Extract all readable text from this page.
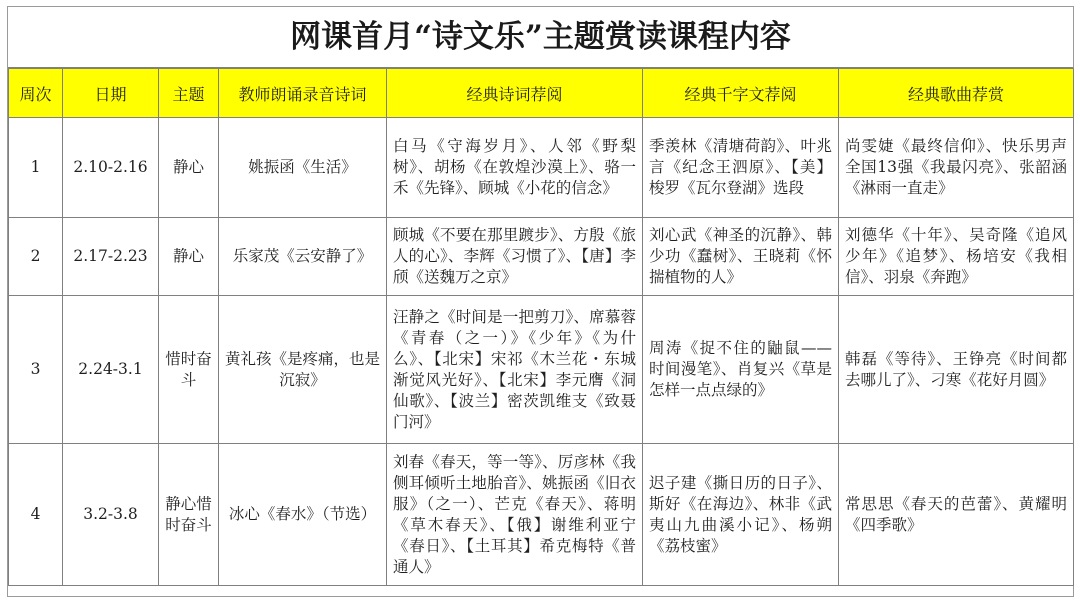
网课首月“诗文乐”主题赏读课程内容
周次	日期	主题	教师朗诵录音诗词	经典诗词荐阅	经典千字文荐阅	经典歌曲荐赏
1	2.10-2.16	静心	姚振函《生活》	白马《守海岁月》、人邻《野梨树》、胡杨《在敦煌沙漠上》、骆一禾《先锋》、顾城《小花的信念》	季羡林《清塘荷韵》、叶兆言《纪念王泗原》、【美】梭罗《瓦尔登湖》选段	尚雯婕《最终信仰》、快乐男声全国13强《我最闪亮》、张韶涵《淋雨一直走》
2	2.17-2.23	静心	乐家茂《云安静了》	顾城《不要在那里踱步》、方殷《旅人的心》、李辉《习惯了》、【唐】李颀《送魏万之京》	刘心武《神圣的沉静》、韩少功《蠢树》、王晓莉《怀揣植物的人》	刘德华《十年》、吴奇隆《追风少年》《追梦》、杨培安《我相信》、羽泉《奔跑》
3	2.24-3.1	惜时奋斗	黄礼孩《是疼痛，也是沉寂》	汪静之《时间是一把剪刀》、席慕蓉《青春（之一）》《少年》《为什么》、【北宋】宋祁《木兰花・东城渐觉风光好》、【北宋】李元膺《洞仙歌》、【波兰】密茨凯维支《致聂门河》	周涛《捉不住的鼬鼠——时间漫笔》、肖复兴《草是怎样一点点绿的》	韩磊《等待》、王铮亮《时间都去哪儿了》、刁寒《花好月圆》
4	3.2-3.8	静心惜时奋斗	冰心《春水》（节选）	刘春《春天，等一等》、厉彦林《我侧耳倾听土地胎音》、姚振函《旧衣服》（之一）、芒克《春天》、蒋明《草木春天》、【俄】谢维利亚宁《春日》、【土耳其】希克梅特《普通人》	迟子建《撕日历的日子》、斯好《在海边》、林非《武夷山九曲溪小记》、杨朔《荔枝蜜》	常思思《春天的芭蕾》、黄耀明《四季歌》
